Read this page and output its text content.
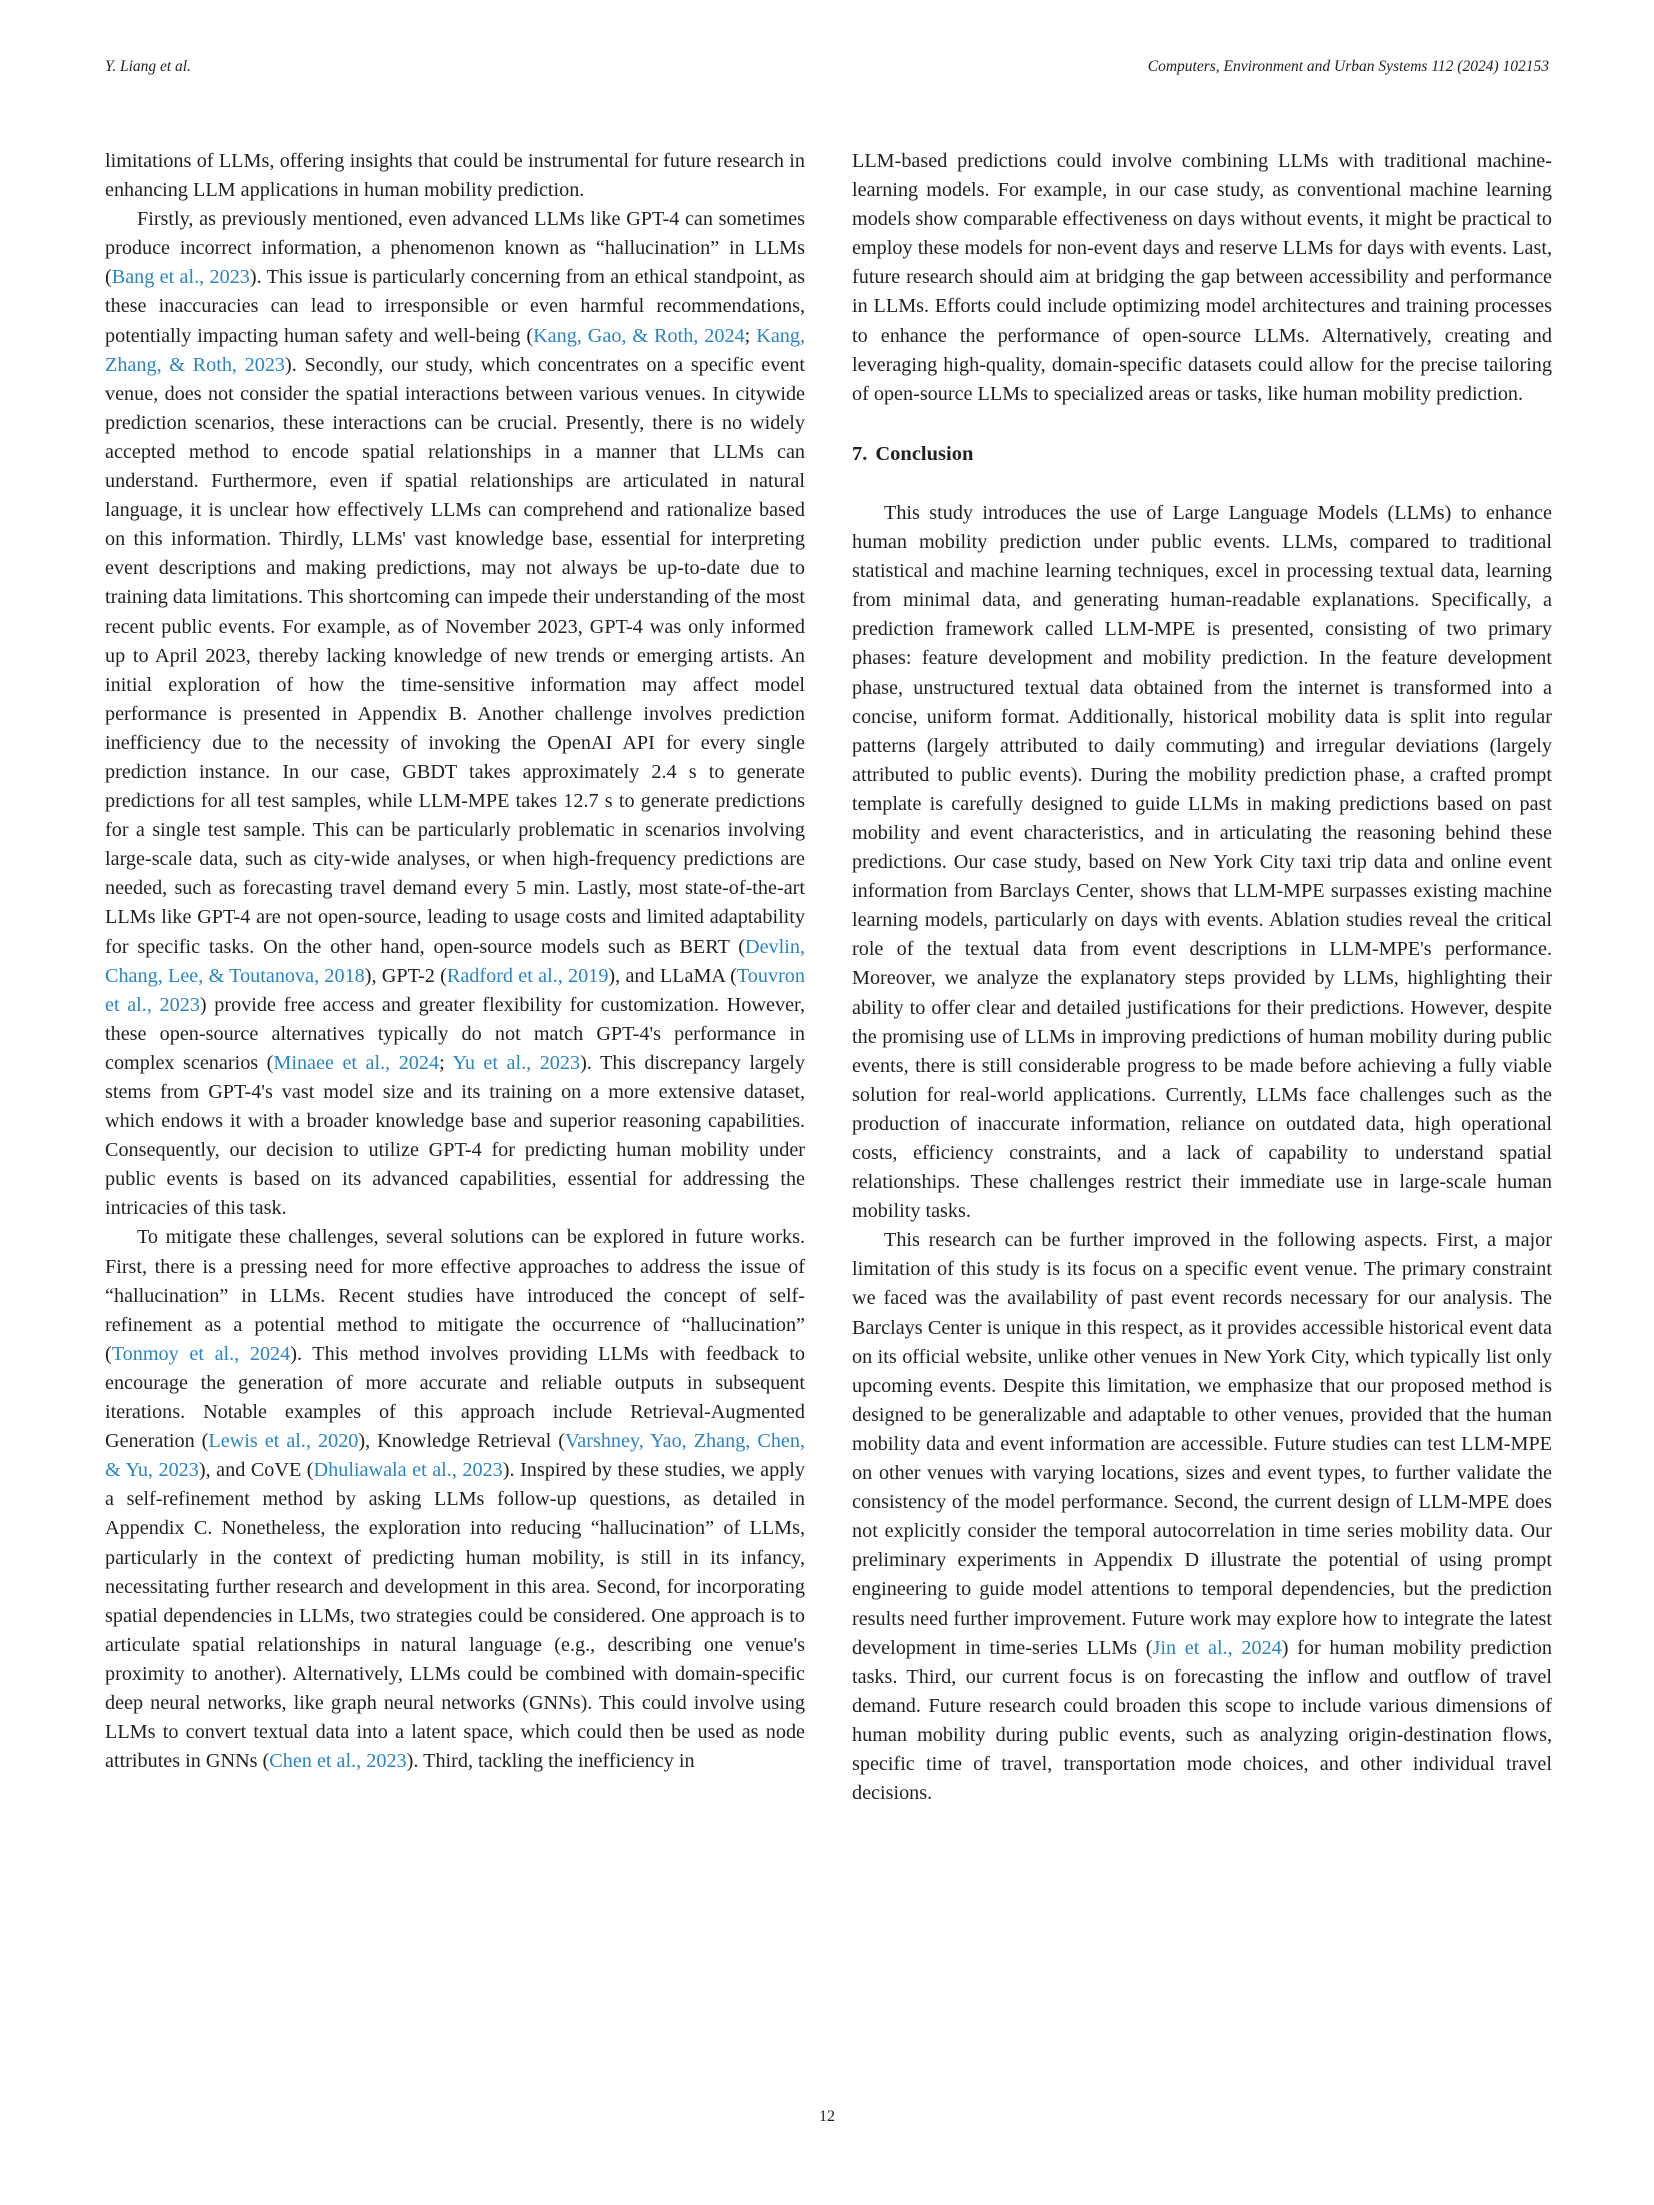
Y. Liang et al.	Computers, Environment and Urban Systems 112 (2024) 102153

limitations of LLMs, offering insights that could be instrumental for future research in enhancing LLM applications in human mobility prediction.

Firstly, as previously mentioned, even advanced LLMs like GPT-4 can sometimes produce incorrect information, a phenomenon known as “hallucination” in LLMs (Bang et al., 2023). This issue is particularly concerning from an ethical standpoint, as these inaccuracies can lead to irresponsible or even harmful recommendations, potentially impacting human safety and well-being (Kang, Gao, & Roth, 2024; Kang, Zhang, & Roth, 2023). Secondly, our study, which concentrates on a specific event venue, does not consider the spatial interactions between various venues. In citywide prediction scenarios, these interactions can be crucial. Presently, there is no widely accepted method to encode spatial relationships in a manner that LLMs can understand. Furthermore, even if spatial relationships are articulated in natural language, it is unclear how effectively LLMs can comprehend and rationalize based on this information. Thirdly, LLMs' vast knowledge base, essential for interpreting event descriptions and making predictions, may not always be up-to-date due to training data limitations. This shortcoming can impede their understanding of the most recent public events. For example, as of November 2023, GPT-4 was only informed up to April 2023, thereby lacking knowledge of new trends or emerging artists. An initial exploration of how the time-sensitive information may affect model performance is presented in Appendix B. Another challenge involves prediction inefficiency due to the necessity of invoking the OpenAI API for every single prediction instance. In our case, GBDT takes approximately 2.4 s to generate predictions for all test samples, while LLM-MPE takes 12.7 s to generate predictions for a single test sample. This can be particularly problematic in scenarios involving large-scale data, such as city-wide analyses, or when high-frequency predictions are needed, such as forecasting travel demand every 5 min. Lastly, most state-of-the-art LLMs like GPT-4 are not open-source, leading to usage costs and limited adaptability for specific tasks. On the other hand, open-source models such as BERT (Devlin, Chang, Lee, & Toutanova, 2018), GPT-2 (Radford et al., 2019), and LLaMA (Touvron et al., 2023) provide free access and greater flexibility for customization. However, these open-source alternatives typically do not match GPT-4's performance in complex scenarios (Minaee et al., 2024; Yu et al., 2023). This discrepancy largely stems from GPT-4's vast model size and its training on a more extensive dataset, which endows it with a broader knowledge base and superior reasoning capabilities. Consequently, our decision to utilize GPT-4 for predicting human mobility under public events is based on its advanced capabilities, essential for addressing the intricacies of this task.

To mitigate these challenges, several solutions can be explored in future works. First, there is a pressing need for more effective approaches to address the issue of “hallucination” in LLMs. Recent studies have introduced the concept of self-refinement as a potential method to mitigate the occurrence of “hallucination” (Tonmoy et al., 2024). This method involves providing LLMs with feedback to encourage the generation of more accurate and reliable outputs in subsequent iterations. Notable examples of this approach include Retrieval-Augmented Generation (Lewis et al., 2020), Knowledge Retrieval (Varshney, Yao, Zhang, Chen, & Yu, 2023), and CoVE (Dhuliawala et al., 2023). Inspired by these studies, we apply a self-refinement method by asking LLMs follow-up questions, as detailed in Appendix C. Nonetheless, the exploration into reducing “hallucination” of LLMs, particularly in the context of predicting human mobility, is still in its infancy, necessitating further research and development in this area. Second, for incorporating spatial dependencies in LLMs, two strategies could be considered. One approach is to articulate spatial relationships in natural language (e.g., describing one venue's proximity to another). Alternatively, LLMs could be combined with domain-specific deep neural networks, like graph neural networks (GNNs). This could involve using LLMs to convert textual data into a latent space, which could then be used as node attributes in GNNs (Chen et al., 2023). Third, tackling the inefficiency in

LLM-based predictions could involve combining LLMs with traditional machine-learning models. For example, in our case study, as conventional machine learning models show comparable effectiveness on days without events, it might be practical to employ these models for non-event days and reserve LLMs for days with events. Last, future research should aim at bridging the gap between accessibility and performance in LLMs. Efforts could include optimizing model architectures and training processes to enhance the performance of open-source LLMs. Alternatively, creating and leveraging high-quality, domain-specific datasets could allow for the precise tailoring of open-source LLMs to specialized areas or tasks, like human mobility prediction.

7. Conclusion

This study introduces the use of Large Language Models (LLMs) to enhance human mobility prediction under public events. LLMs, compared to traditional statistical and machine learning techniques, excel in processing textual data, learning from minimal data, and generating human-readable explanations. Specifically, a prediction framework called LLM-MPE is presented, consisting of two primary phases: feature development and mobility prediction. In the feature development phase, unstructured textual data obtained from the internet is transformed into a concise, uniform format. Additionally, historical mobility data is split into regular patterns (largely attributed to daily commuting) and irregular deviations (largely attributed to public events). During the mobility prediction phase, a crafted prompt template is carefully designed to guide LLMs in making predictions based on past mobility and event characteristics, and in articulating the reasoning behind these predictions. Our case study, based on New York City taxi trip data and online event information from Barclays Center, shows that LLM-MPE surpasses existing machine learning models, particularly on days with events. Ablation studies reveal the critical role of the textual data from event descriptions in LLM-MPE's performance. Moreover, we analyze the explanatory steps provided by LLMs, highlighting their ability to offer clear and detailed justifications for their predictions. However, despite the promising use of LLMs in improving predictions of human mobility during public events, there is still considerable progress to be made before achieving a fully viable solution for real-world applications. Currently, LLMs face challenges such as the production of inaccurate information, reliance on outdated data, high operational costs, efficiency constraints, and a lack of capability to understand spatial relationships. These challenges restrict their immediate use in large-scale human mobility tasks.

This research can be further improved in the following aspects. First, a major limitation of this study is its focus on a specific event venue. The primary constraint we faced was the availability of past event records necessary for our analysis. The Barclays Center is unique in this respect, as it provides accessible historical event data on its official website, unlike other venues in New York City, which typically list only upcoming events. Despite this limitation, we emphasize that our proposed method is designed to be generalizable and adaptable to other venues, provided that the human mobility data and event information are accessible. Future studies can test LLM-MPE on other venues with varying locations, sizes and event types, to further validate the consistency of the model performance. Second, the current design of LLM-MPE does not explicitly consider the temporal autocorrelation in time series mobility data. Our preliminary experiments in Appendix D illustrate the potential of using prompt engineering to guide model attentions to temporal dependencies, but the prediction results need further improvement. Future work may explore how to integrate the latest development in time-series LLMs (Jin et al., 2024) for human mobility prediction tasks. Third, our current focus is on forecasting the inflow and outflow of travel demand. Future research could broaden this scope to include various dimensions of human mobility during public events, such as analyzing origin-destination flows, specific time of travel, transportation mode choices, and other individual travel decisions.

12
